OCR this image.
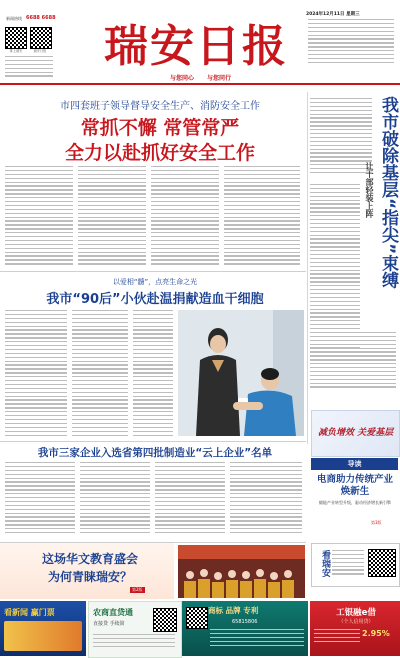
掌上瑞安	瑞安日报
新闻热线 6688 6688
瑞安日报
与您同心 与您同行
2024年12月11日 星期三
市四套班子领导督导安全生产、消防安全工作
常抓不懈 常管常严
全力以赴抓好安全工作	我市破除基层“指尖”束缚
让干部轻装上阵
以爱相“髓”，点亮生命之光
我市“90后”小伙赴温捐献造血干细胞
我市三家企业入选省第四批制造业“云上企业”名单
减负增效 关爱基层
导读
电商助力传统产业焕新生
赋能产业转型升级，驱动经济增长新引擎
第3版
看瑞安
这场华文教育盛会
为何青睐瑞安？
第2版
看新闻 赢门票	农商直贷通
直接贷 手续简
商标 品牌 专利
65815806
工银融e借
（个人信用贷）
2.95%
